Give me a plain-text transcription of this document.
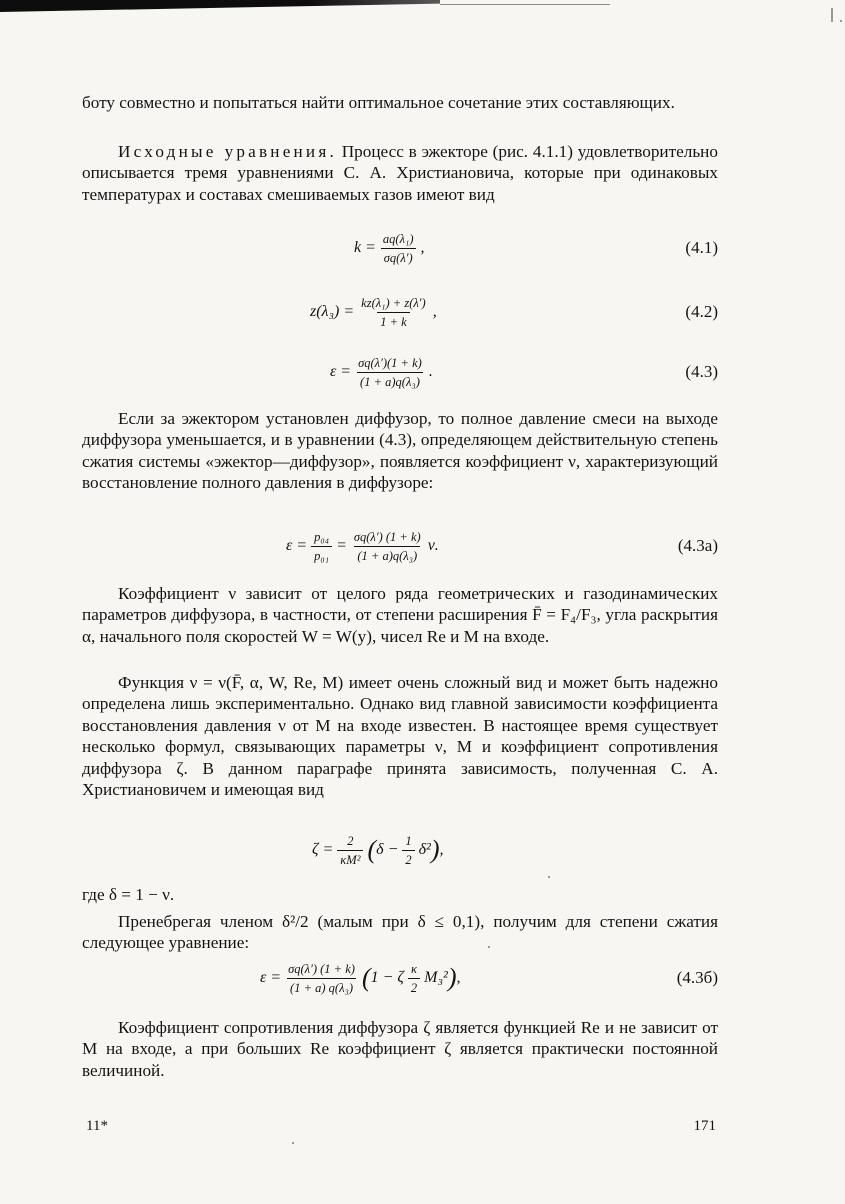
боту совместно и попытаться найти оптимальное сочетание этих составляющих.

Исходные уравнения. Процесс в эжекторе (рис. 4.1.1) удовлетворительно описывается тремя уравнениями С. А. Христиановича, которые при одинаковых температурах и составах смешиваемых газов имеют вид

$k = \frac{\text{aq(λ₁)}}{\sigma q(\lambda')}$ ,	(4.1)
$z(\lambda_3) = \frac{\text{kz(λ₁) + z(λ′)}}{1 + k}$ ,	(4.2)
$\varepsilon = \frac{\sigma q(\lambda')(1 + k)}{\text{(1 + a)q(λ₃)}}$ .	(4.3)

Если за эжектором установлен диффузор, то полное давление смеси на выходе диффузора уменьшается, и в уравнении (4.3), определяющем действительную степень сжатия системы «эжектор—диффузор», появляется коэффициент ν, характеризующий восстановление полного давления в диффузоре:

$\varepsilon = \frac{\text{p₀₄}}{\text{p₀₁}} = \frac{\sigma q(\lambda') (1 + k)}{\text{(1 + a)q(λ₃)}} \nu$.	(4.3а)

Коэффициент ν зависит от целого ряда геометрических и газодинамических параметров диффузора, в частности, от степени расширения F̄ = F₄/F₃, угла раскрытия α, начального поля скоростей W = W(y), чисел Re и M на входе.

Функция ν = ν(F̄, α, W, Re, M) имеет очень сложный вид и может быть надежно определена лишь экспериментально. Однако вид главной зависимости коэффициента восстановления давления ν от M на входе известен. В настоящее время существует несколько формул, связывающих параметры ν, M и коэффициент сопротивления диффузора ζ. В данном параграфе принята зависимость, полученная С. А. Христиановичем и имеющая вид

$\zeta = \frac{2}{\text{κM²}}$ ( $\delta - \frac{1}{2} \delta^2$ ) ,

где δ = 1 − ν.

Пренебрегая членом δ²/2 (малым при δ ≤ 0,1), получим для степени сжатия следующее уравнение:

$\varepsilon = \frac{\sigma q(\lambda') (1 + k)}{\text{(1 + a) q(λ₃)}}$ ( 1 − ζ $\frac{\kappa}{2} M_3^2$ ) ,	(4.3б)

Коэффициент сопротивления диффузора ζ является функцией Re и не зависит от M на входе, а при больших Re коэффициент ζ является практически постоянной величиной.

11*	171
